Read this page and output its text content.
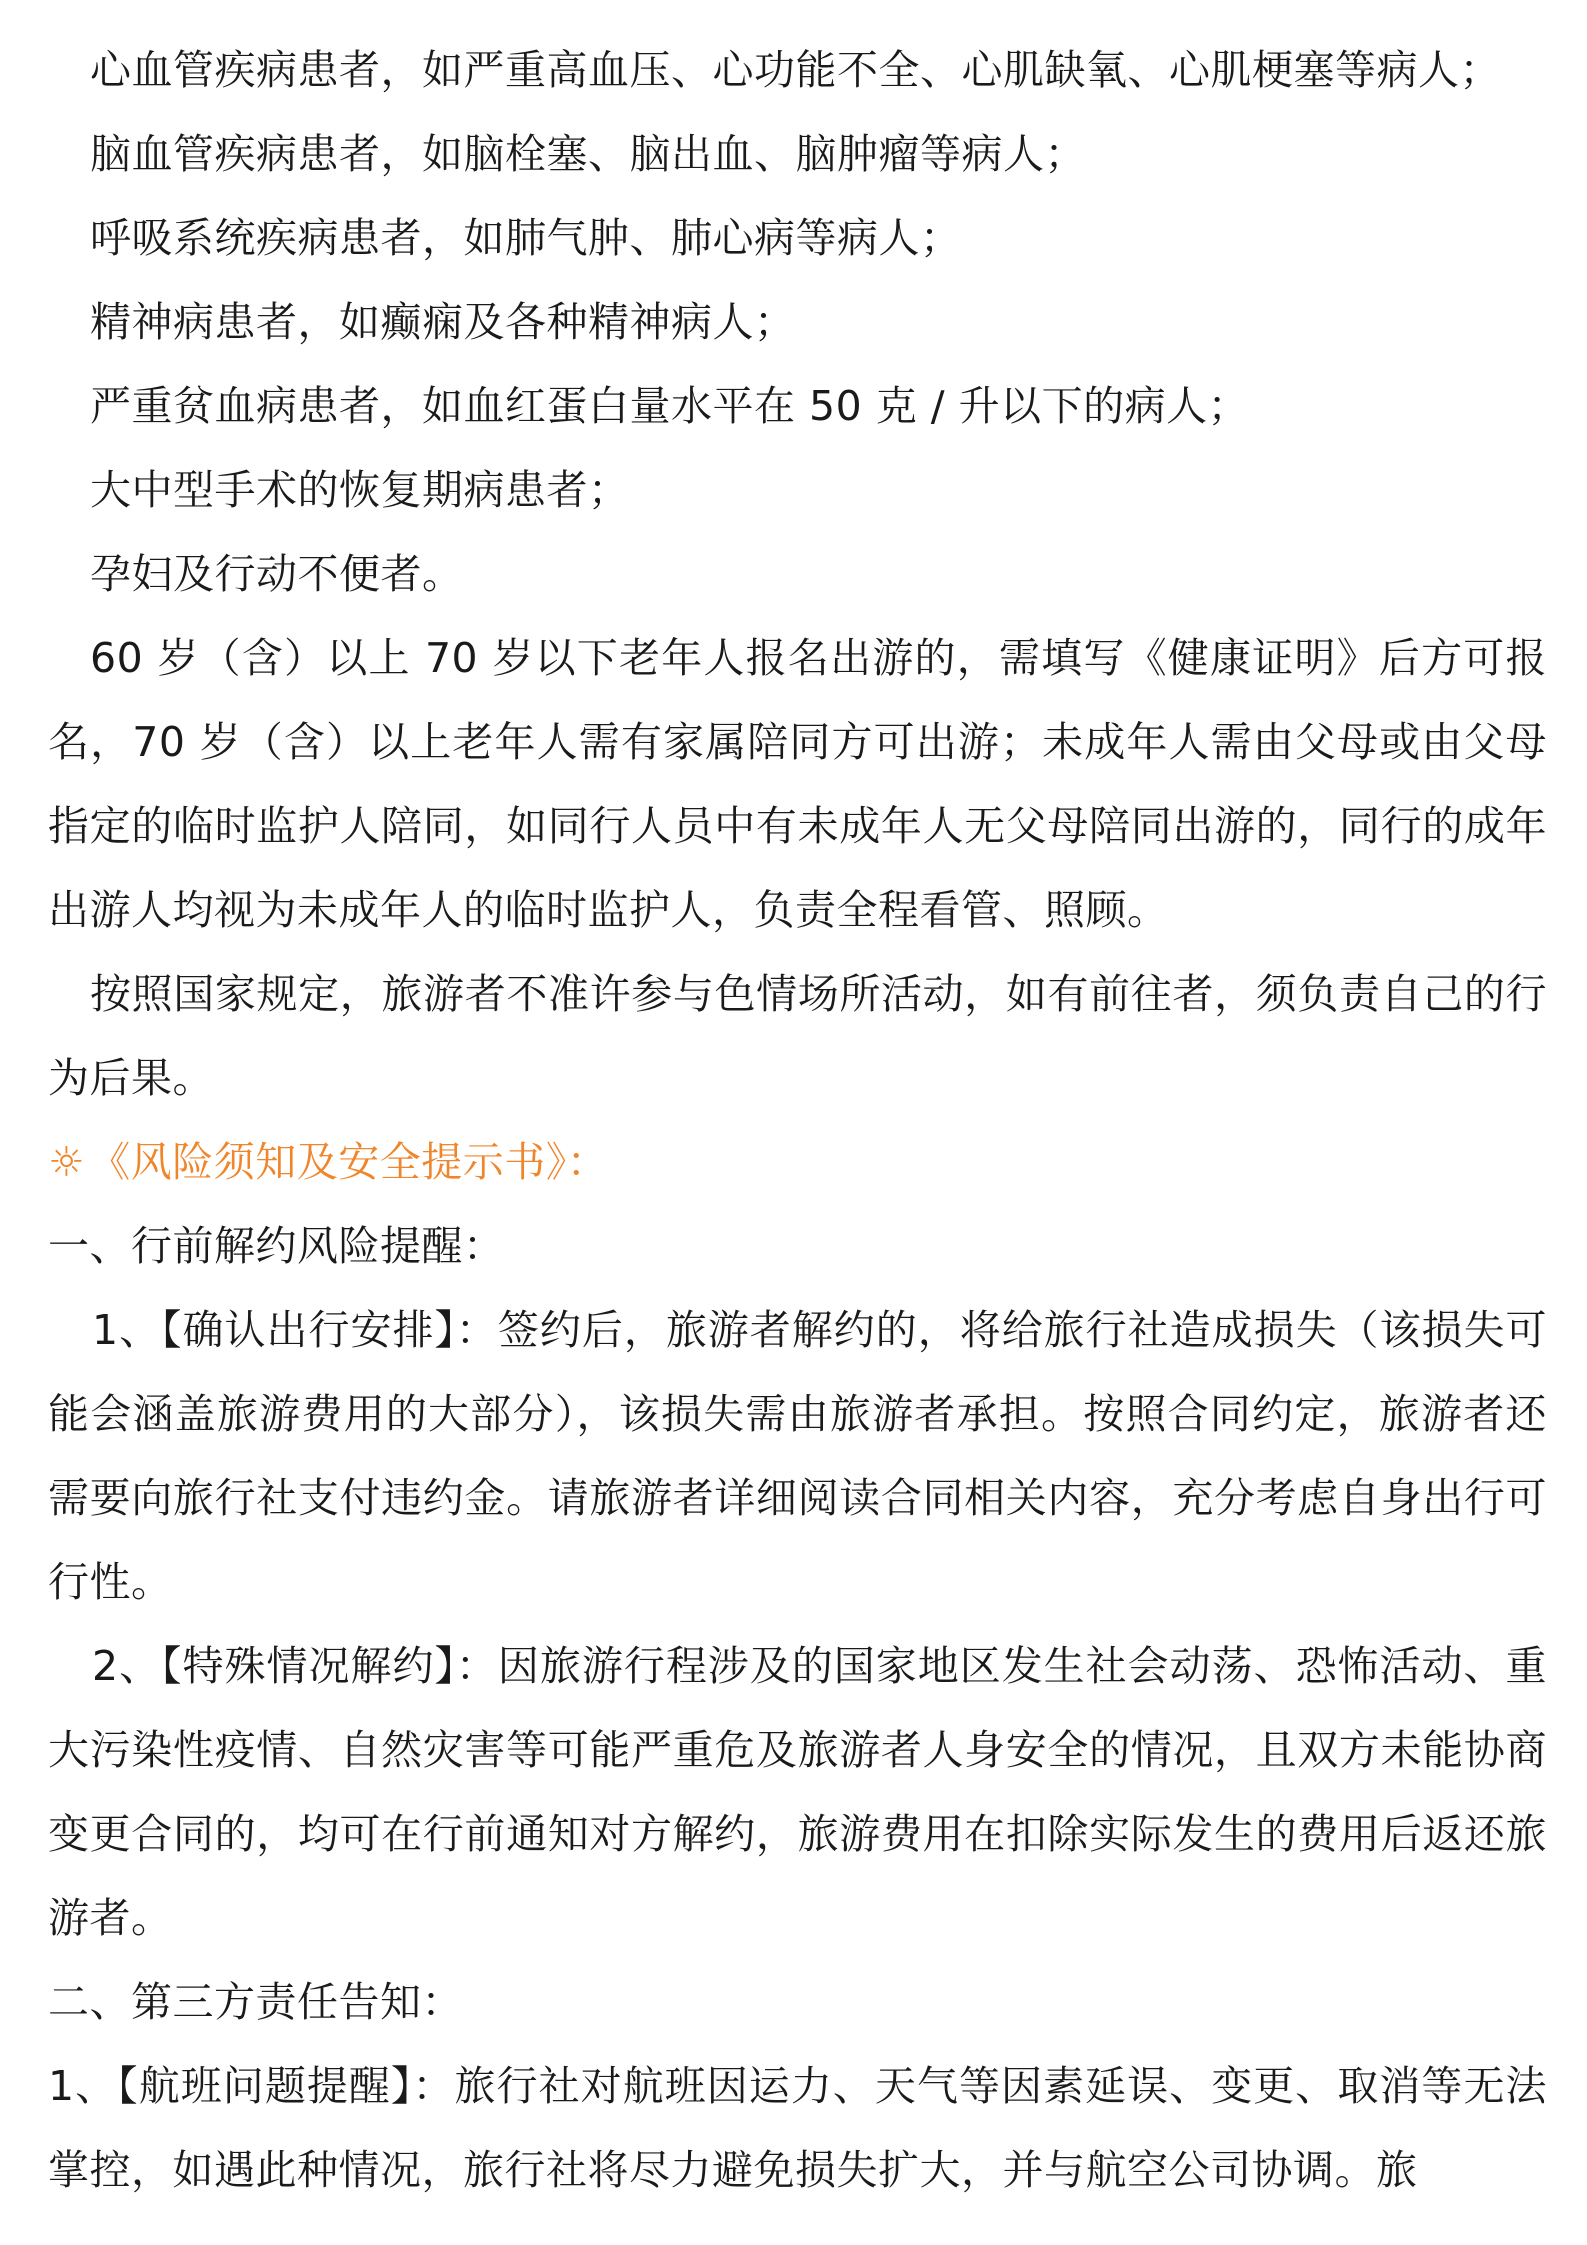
心血管疾病患者，如严重高血压、心功能不全、心肌缺氧、心肌梗塞等病人；

脑血管疾病患者，如脑栓塞、脑出血、脑肿瘤等病人；

呼吸系统疾病患者，如肺气肿、肺心病等病人；

精神病患者，如癫痫及各种精神病人；

严重贫血病患者，如血红蛋白量水平在 50 克 / 升以下的病人；

大中型手术的恢复期病患者；

孕妇及行动不便者。

60 岁（含）以上 70 岁以下老年人报名出游的，需填写《健康证明》后方可报名，70 岁（含）以上老年人需有家属陪同方可出游；未成年人需由父母或由父母指定的临时监护人陪同，如同行人员中有未成年人无父母陪同出游的，同行的成年出游人均视为未成年人的临时监护人，负责全程看管、照顾。

按照国家规定，旅游者不准许参与色情场所活动，如有前往者，须负责自己的行为后果。

☼《风险须知及安全提示书》：

一、行前解约风险提醒：

1、【确认出行安排】：签约后，旅游者解约的，将给旅行社造成损失（该损失可能会涵盖旅游费用的大部分），该损失需由旅游者承担。按照合同约定，旅游者还需要向旅行社支付违约金。请旅游者详细阅读合同相关内容，充分考虑自身出行可行性。

2、【特殊情况解约】：因旅游行程涉及的国家地区发生社会动荡、恐怖活动、重大污染性疫情、自然灾害等可能严重危及旅游者人身安全的情况，且双方未能协商变更合同的，均可在行前通知对方解约，旅游费用在扣除实际发生的费用后返还旅游者。

二、第三方责任告知：

1、【航班问题提醒】：旅行社对航班因运力、天气等因素延误、变更、取消等无法掌控，如遇此种情况，旅行社将尽力避免损失扩大，并与航空公司协调。旅
